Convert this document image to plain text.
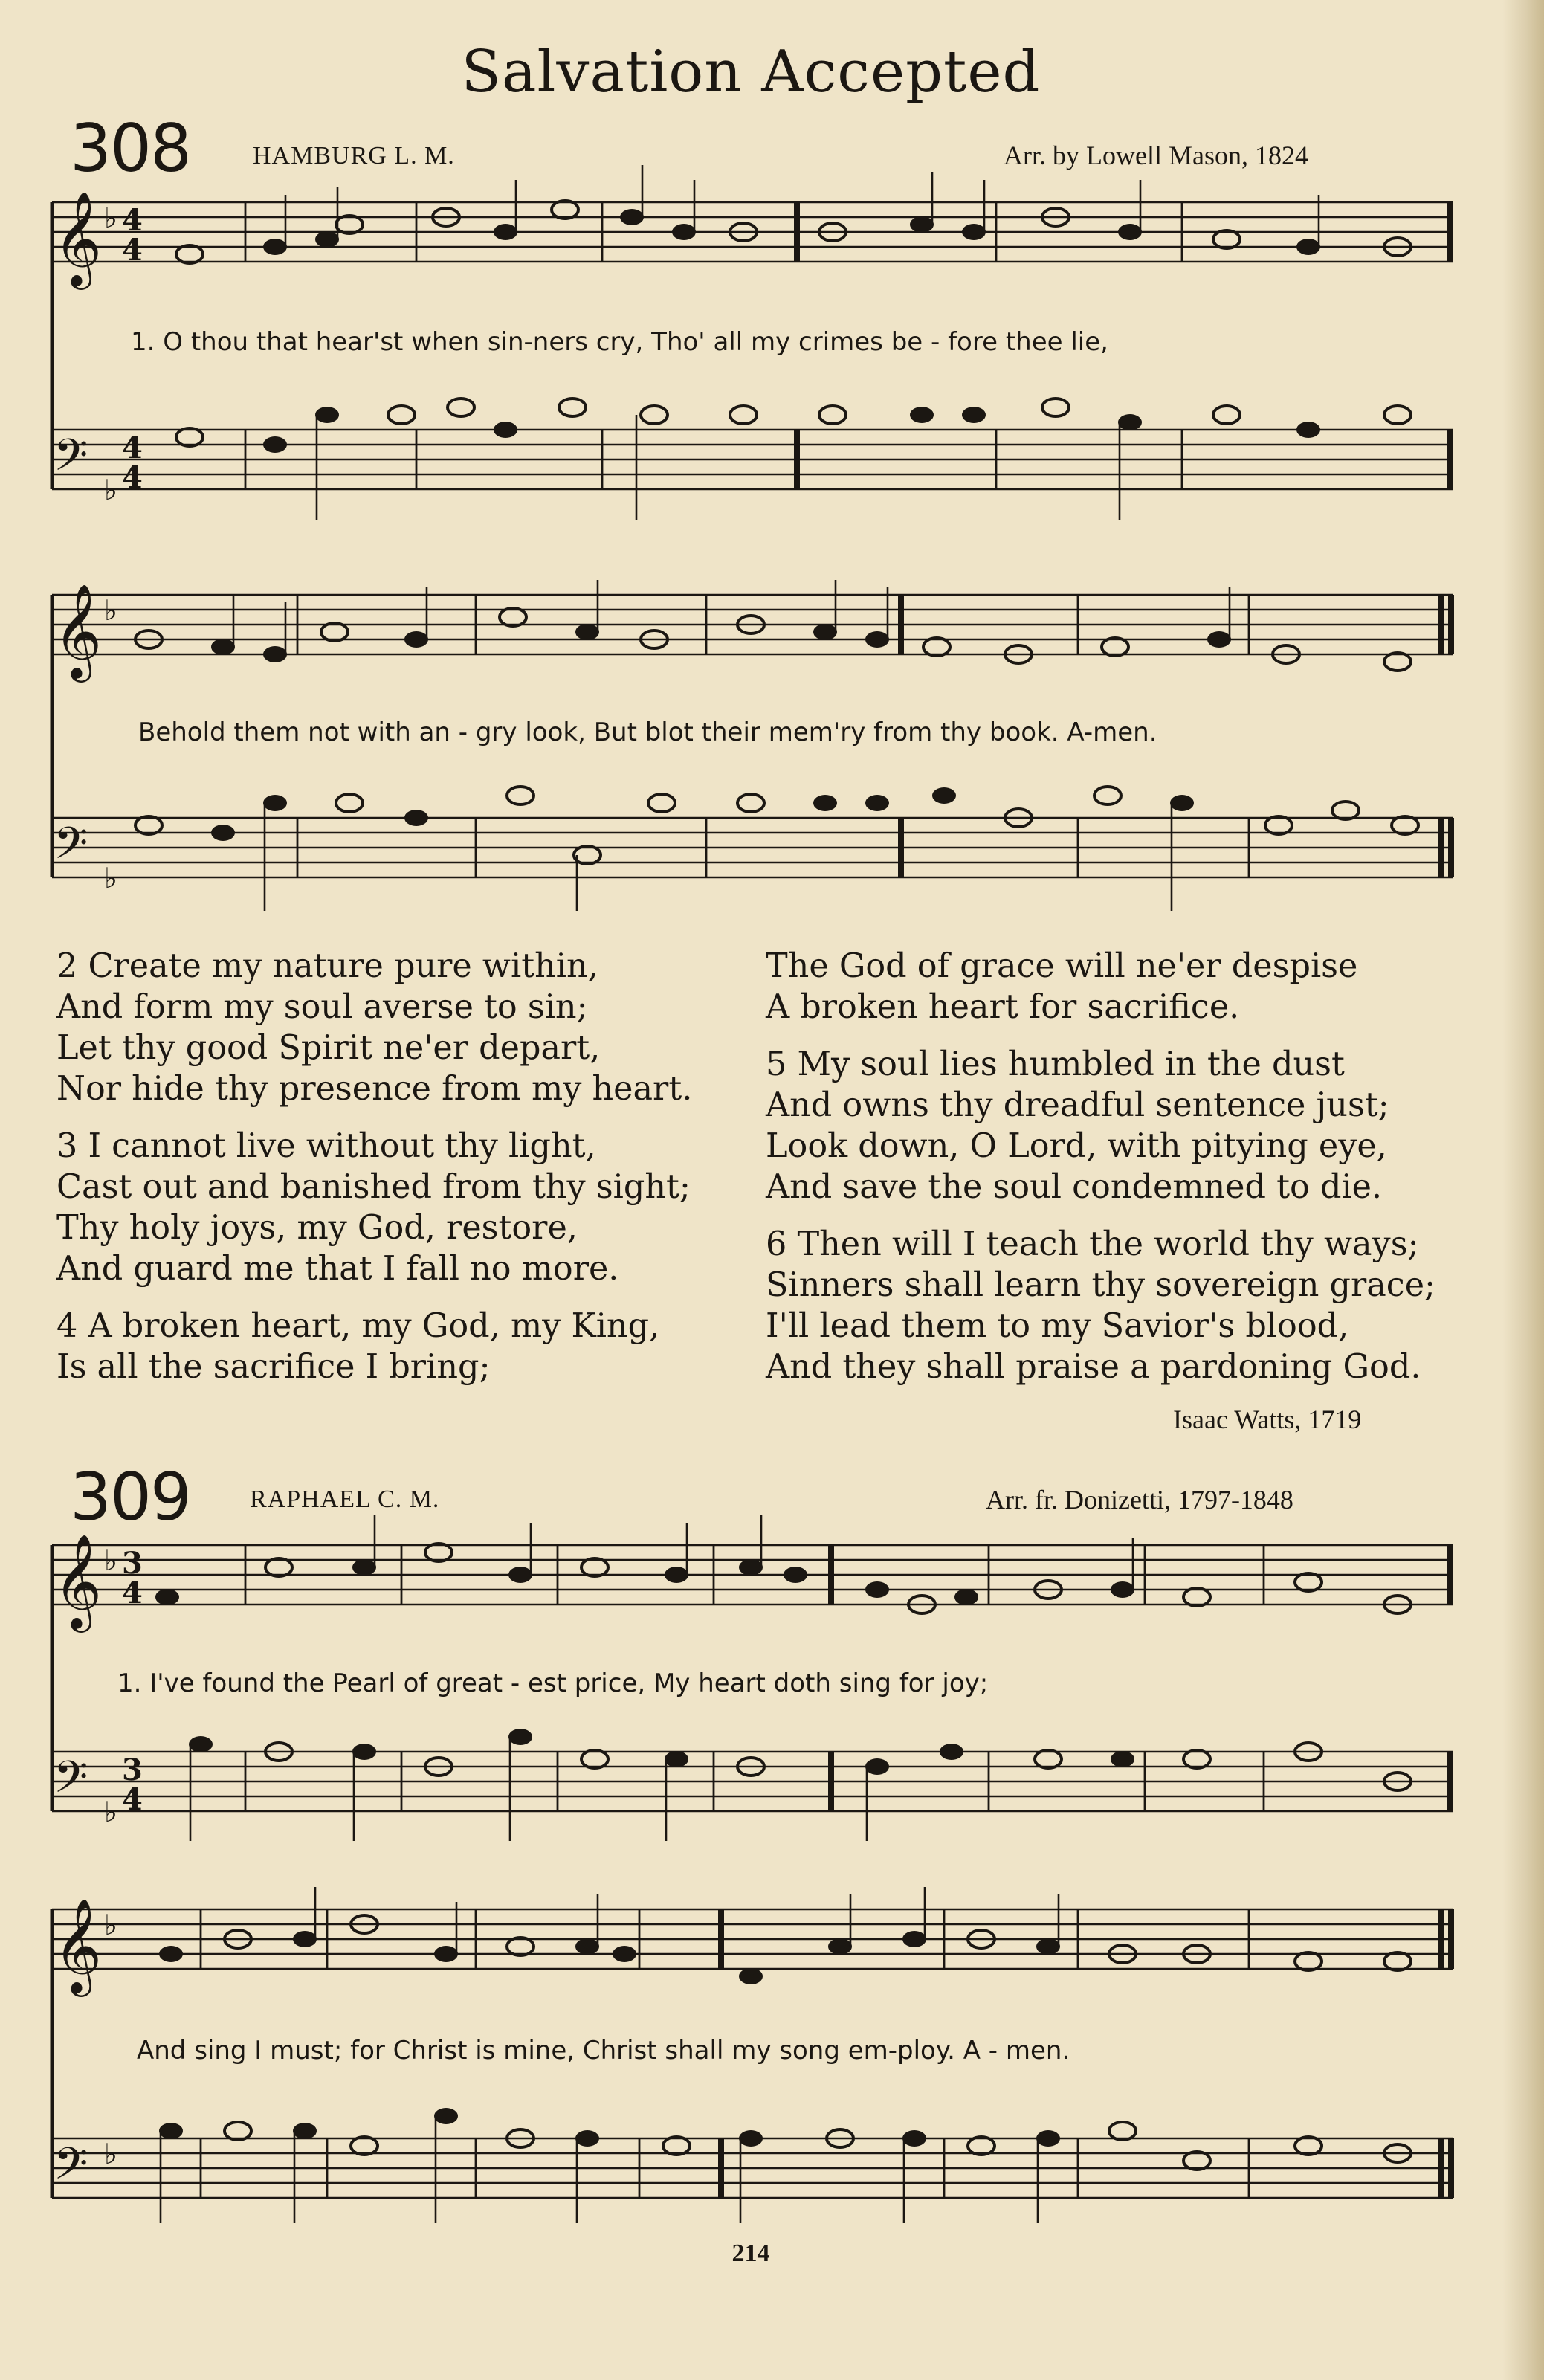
Salvation Accepted
308 HAMBURG L. M.	Arr. by Lowell Mason, 1824
𝄞
𝄢
♭
♭
4
4
4
4
1. O thou that hear'st when sin-ners cry, Tho' all my crimes be - fore thee lie,
𝄞
𝄢
♭
♭
Behold them not with an - gry look, But blot their mem'ry from thy book. A-men.
2 Create my nature pure within,
And form my soul averse to sin;
Let thy good Spirit ne'er depart,
Nor hide thy presence from my heart.
3 I cannot live without thy light,
Cast out and banished from thy sight;
Thy holy joys, my God, restore,
And guard me that I fall no more.
4 A broken heart, my God, my King,
Is all the sacrifice I bring;
The God of grace will ne'er despise
A broken heart for sacrifice.
5 My soul lies humbled in the dust
And owns thy dreadful sentence just;
Look down, O Lord, with pitying eye,
And save the soul condemned to die.
6 Then will I teach the world thy ways;
Sinners shall learn thy sovereign grace;
I'll lead them to my Savior's blood,
And they shall praise a pardoning God.
Isaac Watts, 1719
309 RAPHAEL C. M.	Arr. fr. Donizetti, 1797-1848
𝄞
𝄢
♭
♭
3
4
3
4
1. I've found the Pearl of great - est price, My heart doth sing for joy;
𝄞
𝄢
♭
♭
And sing I must; for Christ is mine, Christ shall my song em-ploy. A - men.
214
